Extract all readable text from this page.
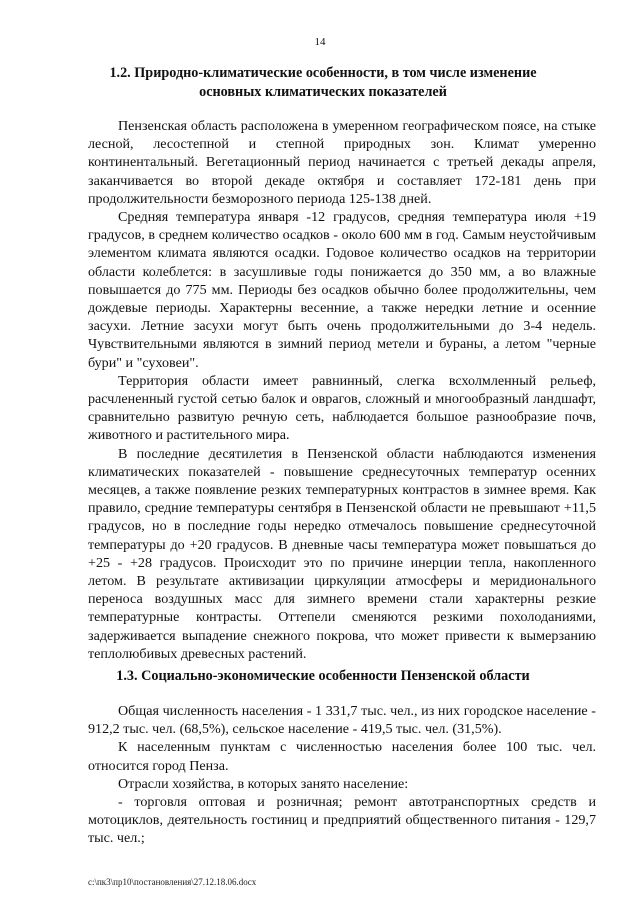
14
1.2. Природно-климатические особенности, в том числе изменение
основных климатических показателей

Пензенская область расположена в умеренном географическом поясе, на стыке лесной, лесостепной и степной природных зон. Климат умеренно континентальный. Вегетационный период начинается с третьей декады апреля, заканчивается во второй декаде октября и составляет 172-181 день при продолжительности безморозного периода 125-138 дней.

Средняя температура января -12 градусов, средняя температура июля +19 градусов, в среднем количество осадков - около 600 мм в год. Самым неустойчивым элементом климата являются осадки. Годовое количество осадков на территории области колеблется: в засушливые годы понижается до 350 мм, а во влажные повышается до 775 мм. Периоды без осадков обычно более продолжительны, чем дождевые периоды. Характерны весенние, а также нередки летние и осенние засухи. Летние засухи могут быть очень продолжительными до 3-4 недель. Чувствительными являются в зимний период метели и бураны, а летом "черные бури" и "суховеи".

Территория области имеет равнинный, слегка всхолмленный рельеф, расчлененный густой сетью балок и оврагов, сложный и многообразный ландшафт, сравнительно развитую речную сеть, наблюдается большое разнообразие почв, животного и растительного мира.

В последние десятилетия в Пензенской области наблюдаются изменения климатических показателей - повышение среднесуточных температур осенних месяцев, а также появление резких температурных контрастов в зимнее время. Как правило, средние температуры сентября в Пензенской области не превышают +11,5 градусов, но в последние годы нередко отмечалось повышение среднесуточной температуры до +20 градусов. В дневные часы температура может повышаться до +25 - +28 градусов. Происходит это по причине инерции тепла, накопленного летом. В результате активизации циркуляции атмосферы и меридионального переноса воздушных масс для зимнего времени стали характерны резкие температурные контрасты. Оттепели сменяются резкими похолоданиями, задерживается выпадение снежного покрова, что может привести к вымерзанию теплолюбивых древесных растений.

1.3. Социально-экономические особенности Пензенской области

Общая численность населения - 1 331,7 тыс. чел., из них городское население - 912,2 тыс. чел. (68,5%), сельское население - 419,5 тыс. чел. (31,5%).

К населенным пунктам с численностью населения более 100 тыс. чел. относится город Пенза.

Отрасли хозяйства, в которых занято население:

- торговля оптовая и розничная; ремонт автотранспортных средств и мотоциклов, деятельность гостиниц и предприятий общественного питания - 129,7 тыс. чел.;

c:\пк3\пр10\постановления\27.12.18.06.docx
